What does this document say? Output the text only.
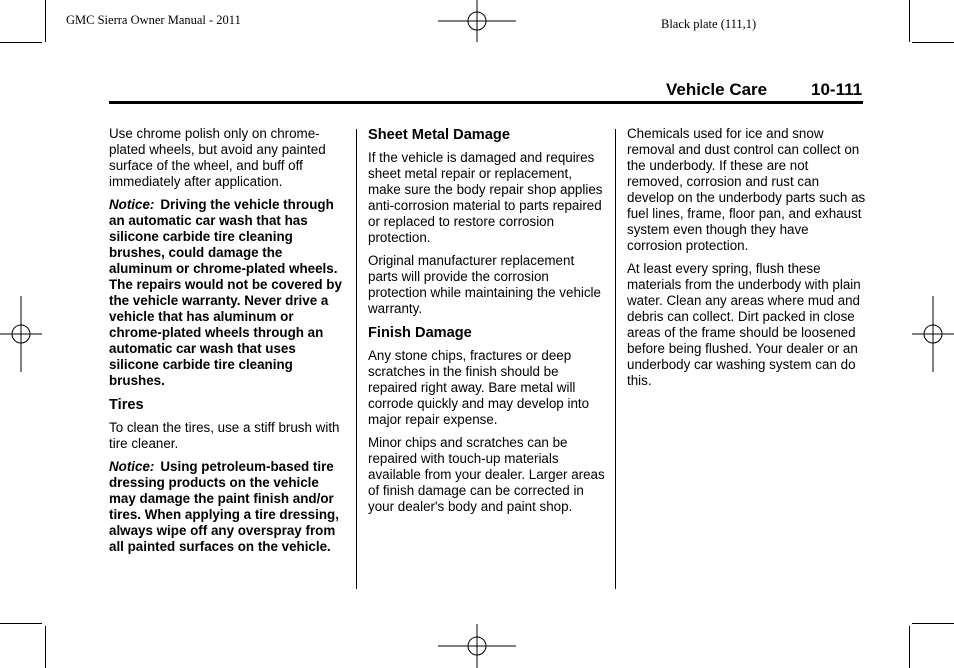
GMC Sierra Owner Manual - 2011	Black plate (111,1)
Vehicle Care	10-111

Use chrome polish only on chrome-plated wheels, but avoid any painted surface of the wheel, and buff off immediately after application.

Notice: Driving the vehicle through an automatic car wash that has silicone carbide tire cleaning brushes, could damage the aluminum or chrome-plated wheels. The repairs would not be covered by the vehicle warranty. Never drive a vehicle that has aluminum or chrome-plated wheels through an automatic car wash that uses silicone carbide tire cleaning brushes.

Tires

To clean the tires, use a stiff brush with tire cleaner.

Notice: Using petroleum-based tire dressing products on the vehicle may damage the paint finish and/or tires. When applying a tire dressing, always wipe off any overspray from all painted surfaces on the vehicle.

Sheet Metal Damage

If the vehicle is damaged and requires sheet metal repair or replacement, make sure the body repair shop applies anti-corrosion material to parts repaired or replaced to restore corrosion protection.

Original manufacturer replacement parts will provide the corrosion protection while maintaining the vehicle warranty.

Finish Damage

Any stone chips, fractures or deep scratches in the finish should be repaired right away. Bare metal will corrode quickly and may develop into major repair expense.

Minor chips and scratches can be repaired with touch-up materials available from your dealer. Larger areas of finish damage can be corrected in your dealer's body and paint shop.

Chemicals used for ice and snow removal and dust control can collect on the underbody. If these are not removed, corrosion and rust can develop on the underbody parts such as fuel lines, frame, floor pan, and exhaust system even though they have corrosion protection.

At least every spring, flush these materials from the underbody with plain water. Clean any areas where mud and debris can collect. Dirt packed in close areas of the frame should be loosened before being flushed. Your dealer or an underbody car washing system can do this.
